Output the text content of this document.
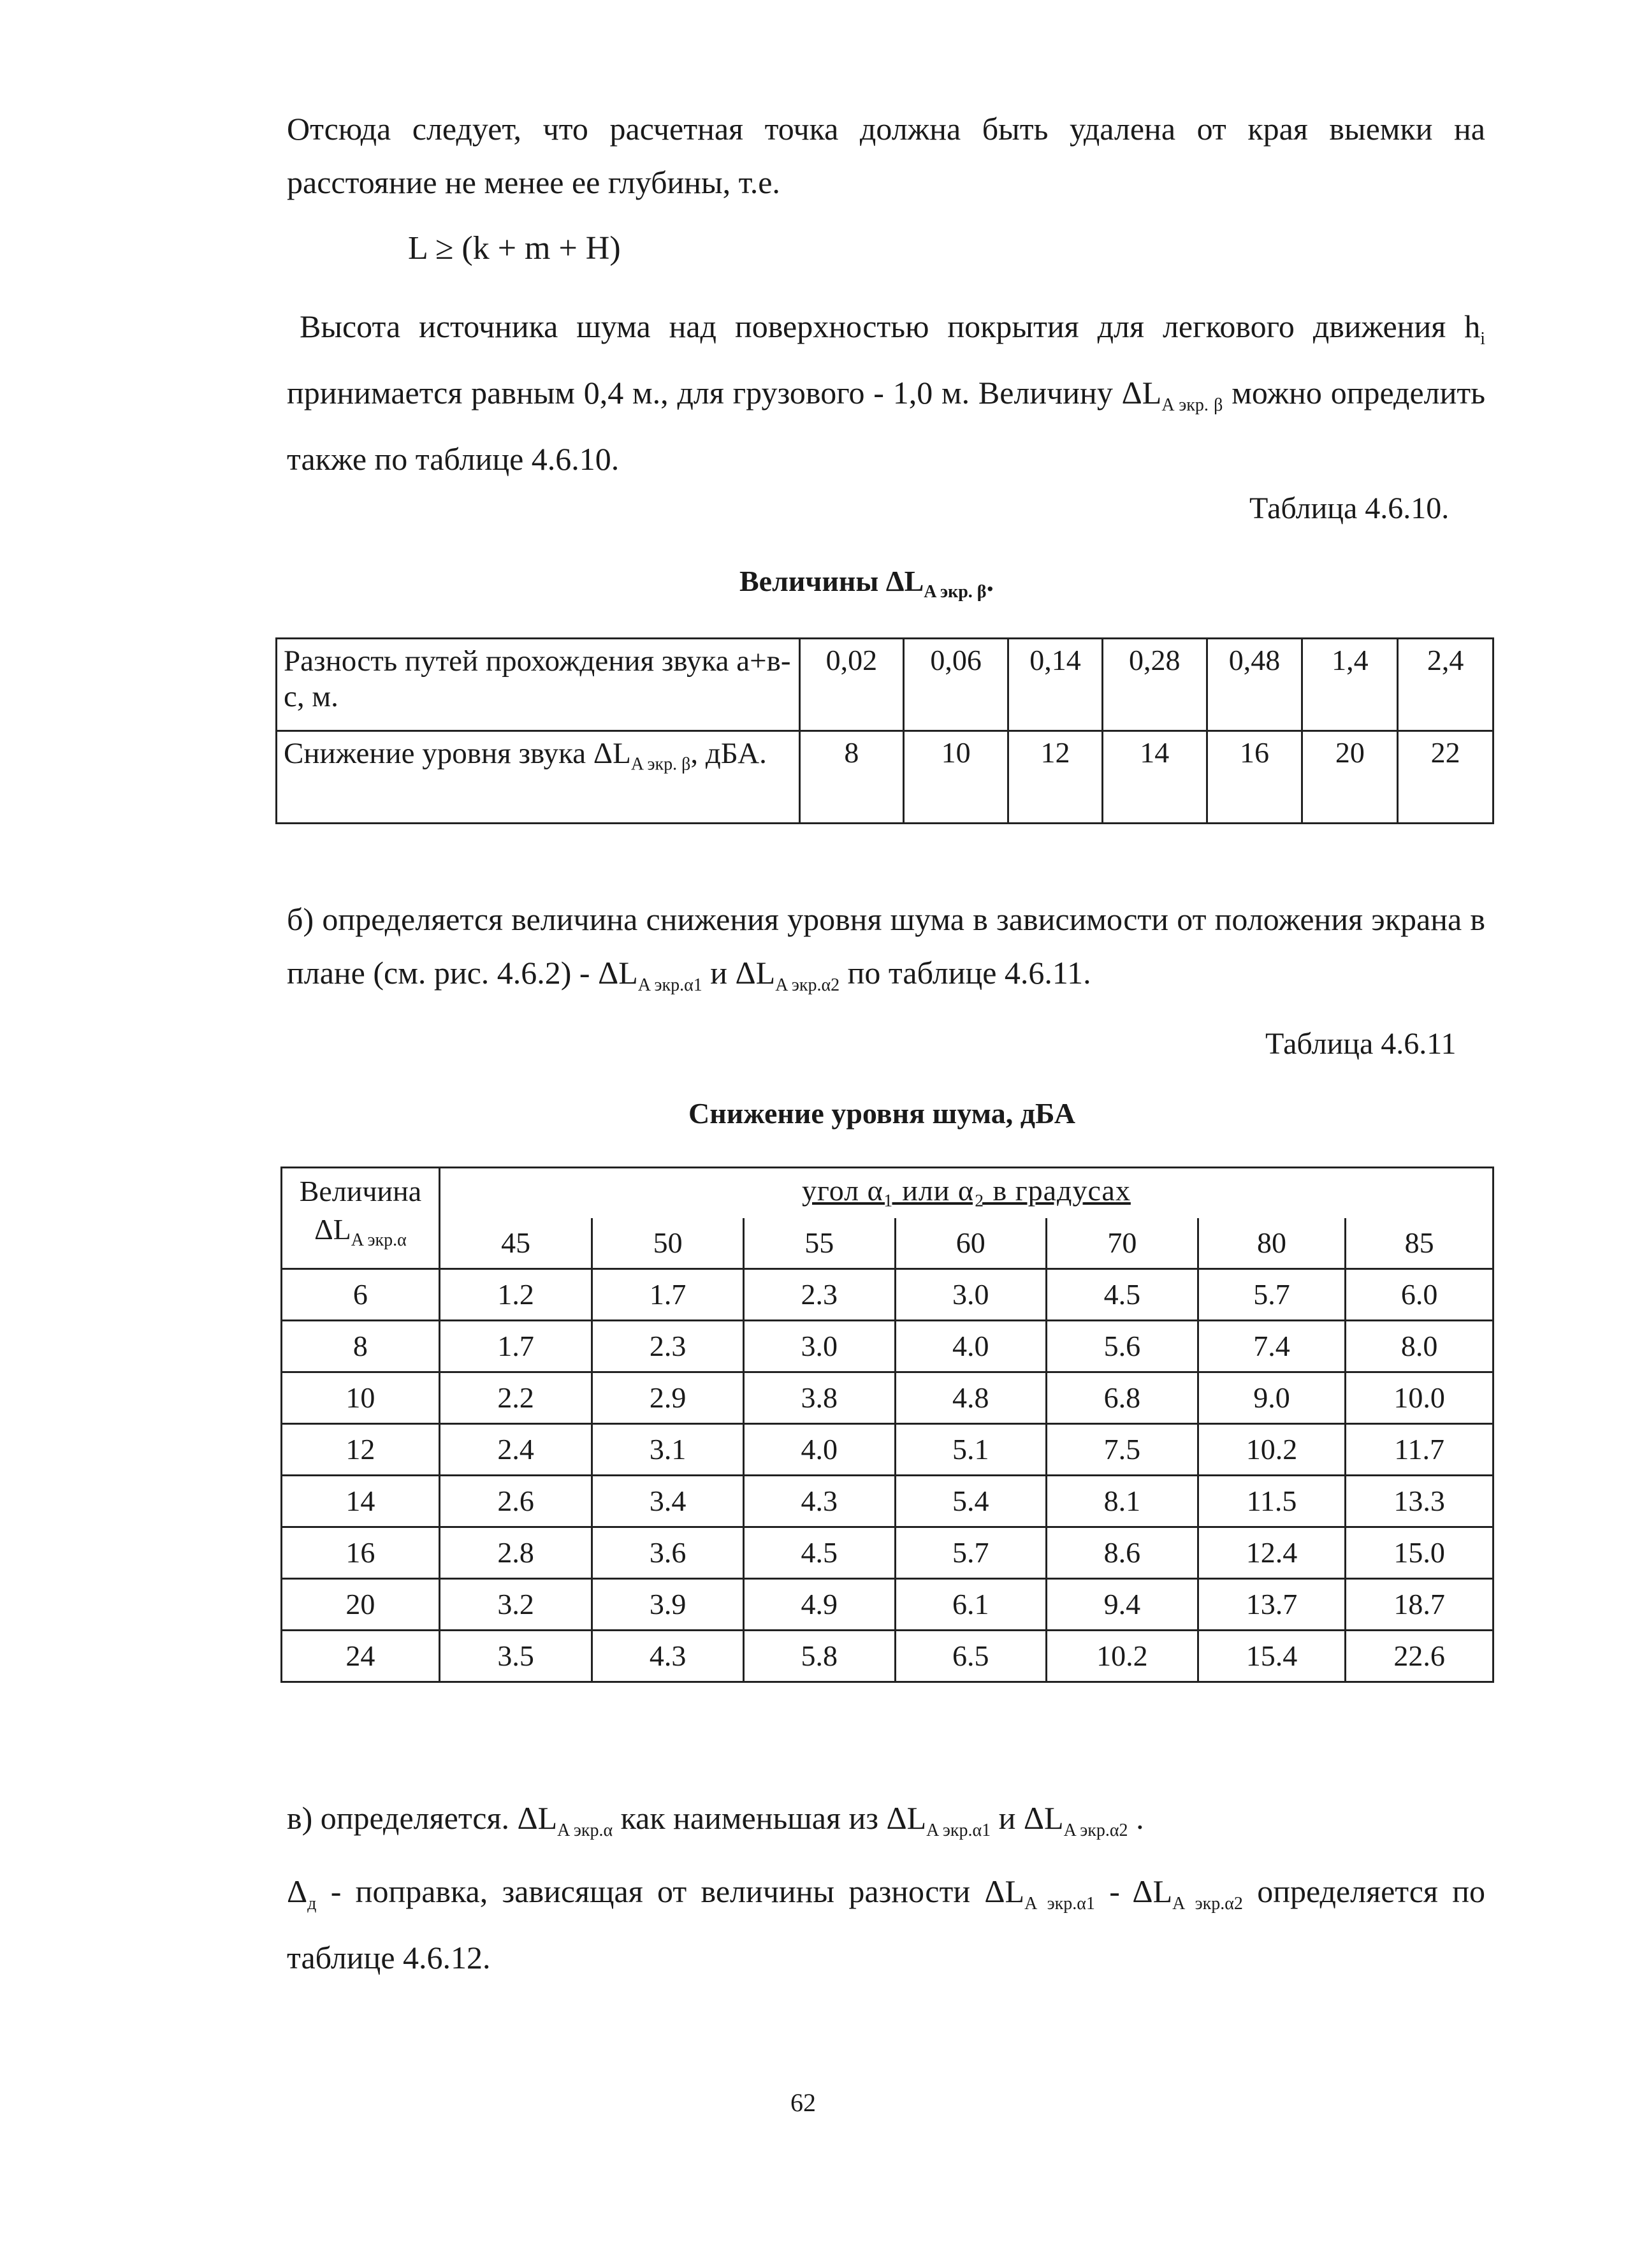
Отсюда следует, что расчетная точка должна быть удалена от края выемки на расстояние не менее ее глубины, т.е.

L ≥ (k + m + H)

Высота источника шума над поверхностью покрытия для легкового движения $h_i$ принимается равным 0,4 м., для грузового - 1,0 м. Величину $\Delta L_{A экр. \beta}$ можно определить также по таблице 4.6.10.

Таблица 4.6.10.
Величины $\Delta L_{A экр. \beta}$.
Разность путей прохождения звука а+в-с, м.	0,02	0,06	0,14	0,28	0,48	1,4	2,4
Снижение уровня звука $\Delta L_{A экр. \beta}$, дБА.	8	10	12	14	16	20	22

б) определяется величина снижения уровня шума в зависимости от положения экрана в плане (см. рис. $4.6.2) - \Delta L_{A экр.\alpha 1}$ и $\Delta L_{A экр.\alpha 2}$ по таблице 4.6.11.

Таблица 4.6.11
Снижение уровня шума, дБА
Величина $\Delta L_{A экр.\alpha}$	угол α₁ или α₂ в градусах						
	45	50	55	60	70	80	85
6	1.2	1.7	2.3	3.0	4.5	5.7	6.0
8	1.7	2.3	3.0	4.0	5.6	7.4	8.0
10	2.2	2.9	3.8	4.8	6.8	9.0	10.0
12	2.4	3.1	4.0	5.1	7.5	10.2	11.7
14	2.6	3.4	4.3	5.4	8.1	11.5	13.3
16	2.8	3.6	4.5	5.7	8.6	12.4	15.0
20	3.2	3.9	4.9	6.1	9.4	13.7	18.7
24	3.5	4.3	5.8	6.5	10.2	15.4	22.6

в) определяется. $\Delta L_{A экр.\alpha}$ как наименьшая из $\Delta L_{A экр.\alpha 1}$ и $\Delta L_{A экр.\alpha 2}$ .

$\Delta_д$ - поправка, зависящая от величины разности $\Delta L_{A экр.\alpha 1} - \Delta L_{A экр.\alpha 2}$ определяется по таблице 4.6.12.

62
